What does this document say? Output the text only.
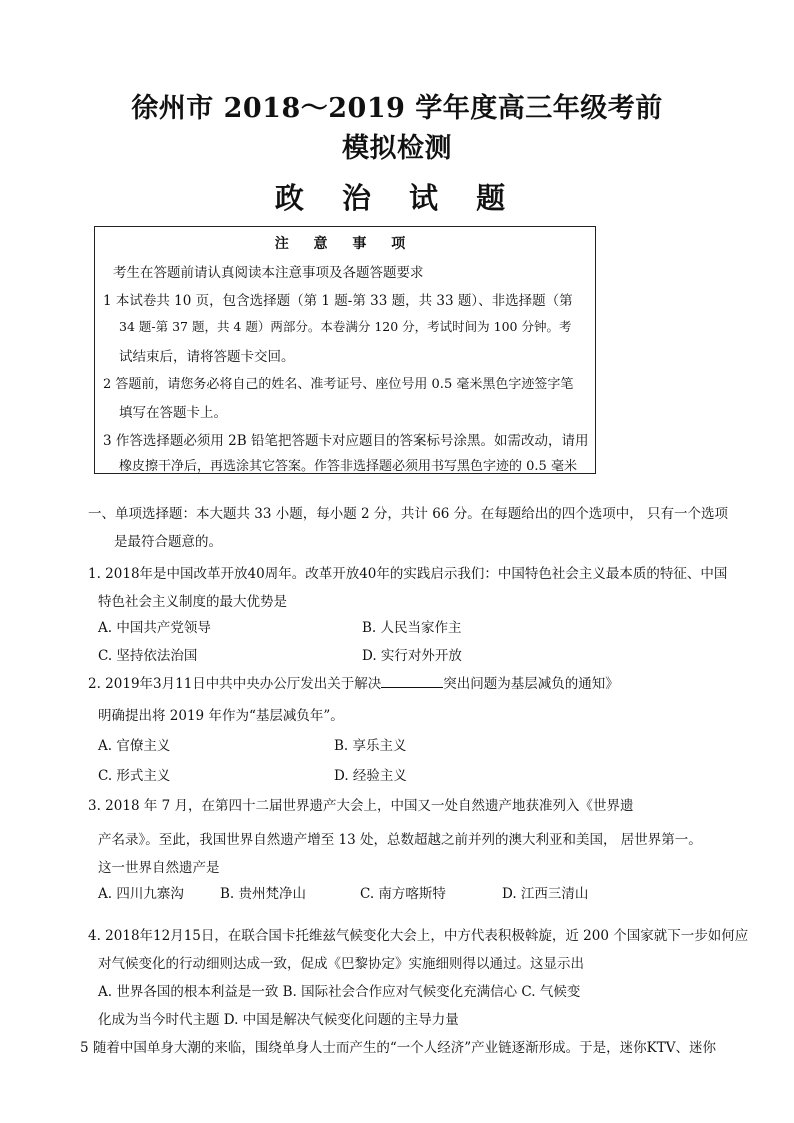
徐州市 2018～2019 学年度高三年级考前
模拟检测
政 治 试 题
注 意 事 项
考生在答题前请认真阅读本注意事项及各题答题要求
1 本试卷共 10 页，包含选择题（第 1 题-第 33 题，共 33 题）、非选择题（第
34 题-第 37 题，共 4 题）两部分。本卷满分 120 分，考试时间为 100 分钟。考
试结束后，请将答题卡交回。
2 答题前，请您务必将自己的姓名、准考证号、座位号用 0.5 毫米黑色字迹签字笔
填写在答题卡上。
3 作答选择题必须用 2B 铅笔把答题卡对应题目的答案标号涂黑。如需改动，请用
橡皮擦干净后，再选涂其它答案。作答非选择题必须用书写黑色字迹的 0.5 毫米
一、单项选择题：本大题共 33 小题，每小题 2 分，共计 66 分。在每题给出的四个选项中， 只有一个选项
是最符合题意的。
1. 2018年是中国改革开放40周年。改革开放40年的实践启示我们：中国特色社会主义最本质的特征、中国
特色社会主义制度的最大优势是
A. 中国共产党领导	B. 人民当家作主
C. 坚持依法治国	D. 实行对外开放
2. 2019年3月11日中共中央办公厅发出关于解决	突出问题为基层减负的通知》
明确提出将 2019 年作为“基层减负年”。
A. 官僚主义	B. 享乐主义
C. 形式主义	D. 经验主义
3. 2018 年 7 月，在第四十二届世界遗产大会上，中国又一处自然遗产地获准列入《世界遗
产名录》。至此，我国世界自然遗产增至 13 处，总数超越之前并列的澳大利亚和美国， 居世界第一。
这一世界自然遗产是
A. 四川九寨沟	B. 贵州梵净山	C. 南方喀斯特	D. 江西三清山
4. 2018年12月15日，在联合国卡托维兹气候变化大会上，中方代表积极斡旋，近 200 个国家就下一步如何应
对气候变化的行动细则达成一致，促成《巴黎协定》实施细则得以通过。这显示出
A. 世界各国的根本利益是一致 B. 国际社会合作应对气候变化充满信心 C. 气候变
化成为当今时代主题 D. 中国是解决气候变化问题的主导力量
5 随着中国单身大潮的来临，围绕单身人士而产生的“一个人经济”产业链逐渐形成。于是，迷你KTV、迷你
